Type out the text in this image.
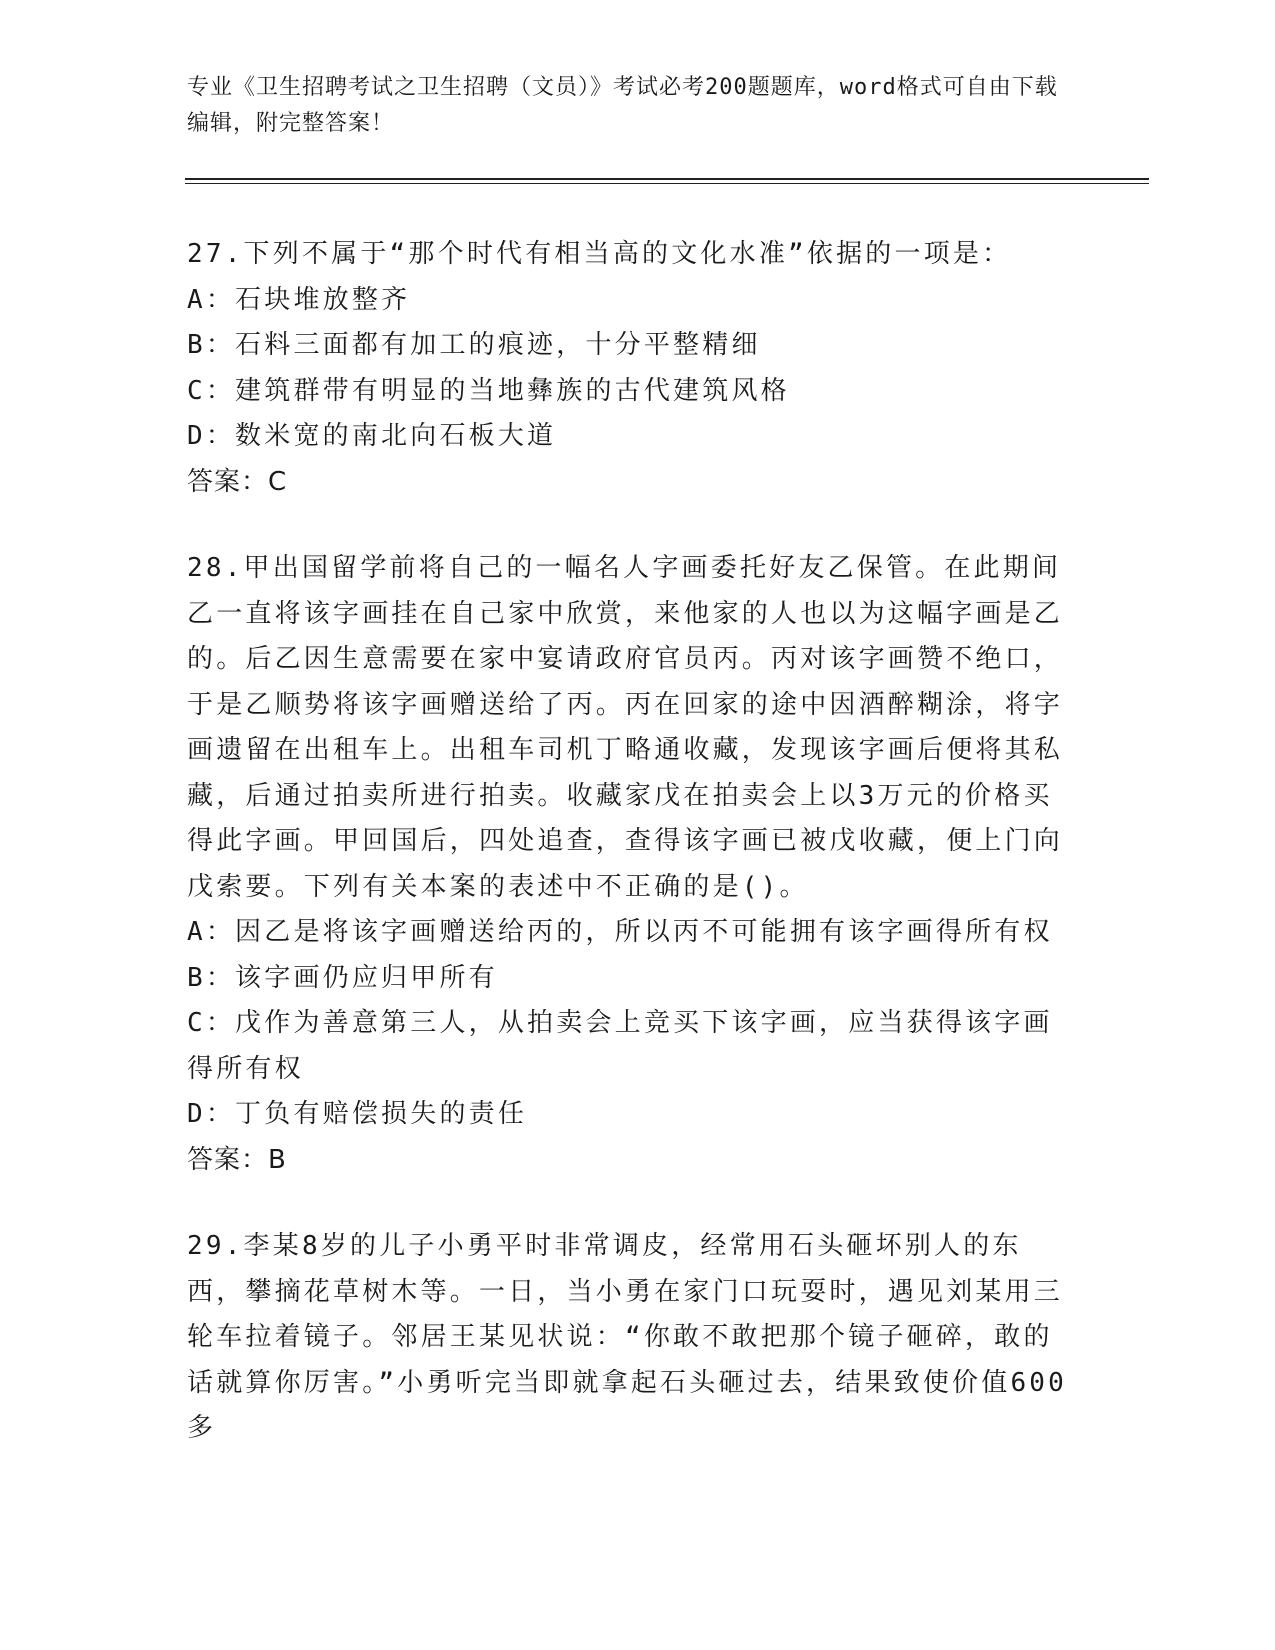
专业《卫生招聘考试之卫生招聘（文员）》考试必考200题题库，word格式可自由下载编辑，附完整答案！
27.下列不属于“那个时代有相当高的文化水准”依据的一项是：
A：石块堆放整齐
B：石料三面都有加工的痕迹，十分平整精细
C：建筑群带有明显的当地彝族的古代建筑风格
D：数米宽的南北向石板大道
答案：C
28.甲出国留学前将自己的一幅名人字画委托好友乙保管。在此期间乙一直将该字画挂在自己家中欣赏，来他家的人也以为这幅字画是乙的。后乙因生意需要在家中宴请政府官员丙。丙对该字画赞不绝口，于是乙顺势将该字画赠送给了丙。丙在回家的途中因酒醉糊涂，将字画遗留在出租车上。出租车司机丁略通收藏，发现该字画后便将其私藏，后通过拍卖所进行拍卖。收藏家戊在拍卖会上以3万元的价格买得此字画。甲回国后，四处追查，查得该字画已被戊收藏，便上门向戊索要。下列有关本案的表述中不正确的是()。
A：因乙是将该字画赠送给丙的，所以丙不可能拥有该字画得所有权
B：该字画仍应归甲所有
C：戊作为善意第三人，从拍卖会上竞买下该字画，应当获得该字画得所有权
D：丁负有赔偿损失的责任
答案：B
29.李某8岁的儿子小勇平时非常调皮，经常用石头砸坏别人的东西，攀摘花草树木等。一日，当小勇在家门口玩耍时，遇见刘某用三轮车拉着镜子。邻居王某见状说：“你敢不敢把那个镜子砸碎，敢的话就算你厉害。”小勇听完当即就拿起石头砸过去，结果致使价值600多
